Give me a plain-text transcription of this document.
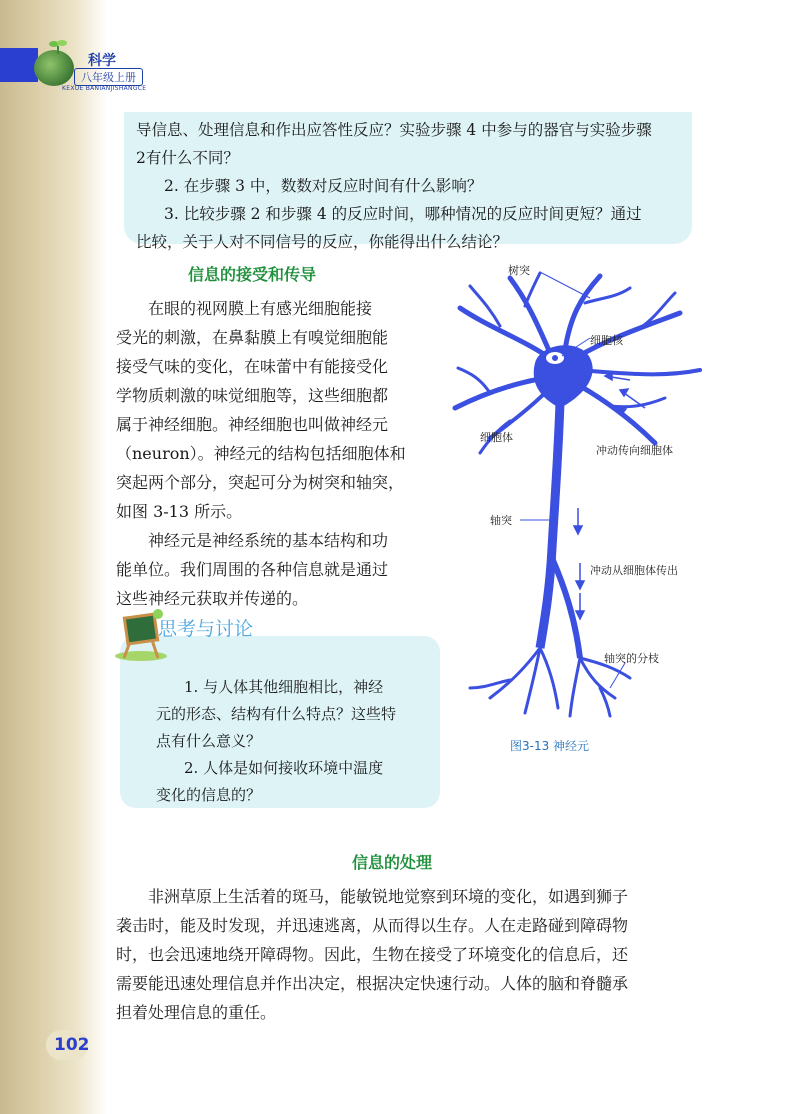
科学
八年级上册
KEXUE BANIANJISHANGCE

导信息、处理信息和作出应答性反应？实验步骤 4 中参与的器官与实验步骤

2有什么不同？

2. 在步骤 3 中，数数对反应时间有什么影响？

3. 比较步骤 2 和步骤 4 的反应时间，哪种情况的反应时间更短？通过

比较，关于人对不同信号的反应，你能得出什么结论？

信息的接受和传导

在眼的视网膜上有感光细胞能接

受光的刺激，在鼻黏膜上有嗅觉细胞能

接受气味的变化，在味蕾中有能接受化

学物质刺激的味觉细胞等，这些细胞都

属于神经细胞。神经细胞也叫做神经元

（neuron）。神经元的结构包括细胞体和

突起两个部分，突起可分为树突和轴突，

如图 3-13 所示。

神经元是神经系统的基本结构和功

能单位。我们周围的各种信息就是通过

这些神经元获取并传递的。

1. 与人体其他细胞相比，神经

元的形态、结构有什么特点？这些特

点有什么意义？

2. 人体是如何接收环境中温度

变化的信息的？

思考与讨论
树突
细胞核
细胞体
冲动传向细胞体
轴突
冲动从细胞体传出
轴突的分枝
图3-13 神经元
信息的处理

非洲草原上生活着的斑马，能敏锐地觉察到环境的变化，如遇到狮子

袭击时，能及时发现，并迅速逃离，从而得以生存。人在走路碰到障碍物

时，也会迅速地绕开障碍物。因此，生物在接受了环境变化的信息后，还

需要能迅速处理信息并作出决定，根据决定快速行动。人体的脑和脊髓承

担着处理信息的重任。

102
